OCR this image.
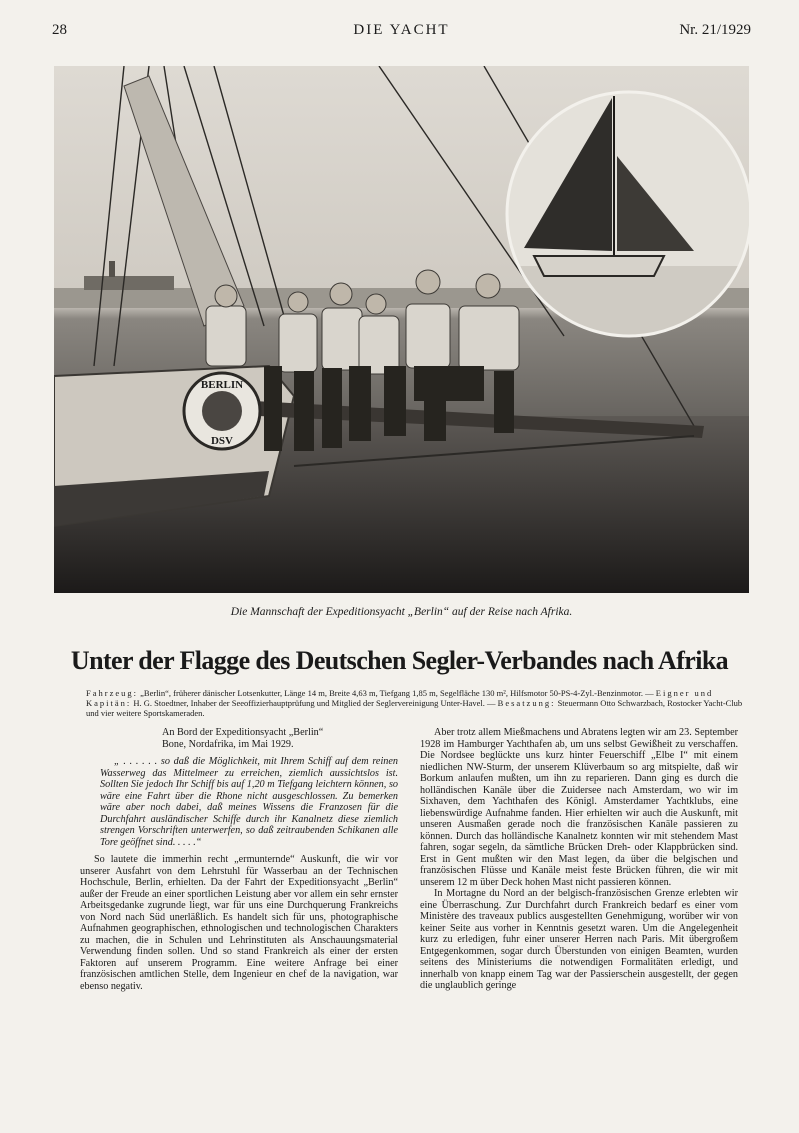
28	DIE YACHT	Nr. 21/1929
BERLIN
DSV
Die Mannschaft der Expeditionsyacht „Berlin“ auf der Reise nach Afrika.
Unter der Flagge des Deutschen Segler-Verbandes nach Afrika
Fahrzeug: „Berlin“, früherer dänischer Lotsenkutter, Länge 14 m, Breite 4,63 m, Tiefgang 1,85 m, Segelfläche 130 m², Hilfsmotor 50-PS-4-Zyl.-Benzinmotor. — Eigner und Kapitän: H. G. Stoedtner, Inhaber der Seeoffizierhauptprüfung und Mitglied der Seglervereinigung Unter-Havel. — Besatzung: Steuermann Otto Schwarzbach, Rostocker Yacht-Club und vier weitere Sportskameraden.

An Bord der Expeditionsyacht „Berlin“

Bone, Nordafrika, im Mai 1929.

„ . . . . . . so daß die Möglichkeit, mit Ihrem Schiff auf dem reinen Wasserweg das Mittelmeer zu erreichen, ziemlich aussichtslos ist. Sollten Sie jedoch Ihr Schiff bis auf 1,20 m Tiefgang leichtern können, so wäre eine Fahrt über die Rhone nicht ausgeschlossen. Zu bemerken wäre aber noch dabei, daß meines Wissens die Franzosen für die Durchfahrt ausländischer Schiffe durch ihr Kanalnetz diese ziemlich strengen Vorschriften unterwerfen, so daß zeitraubenden Schikanen alle Tore geöffnet sind. . . . .“

So lautete die immerhin recht „ermunternde“ Auskunft, die wir vor unserer Ausfahrt von dem Lehrstuhl für Wasserbau an der Technischen Hochschule, Berlin, erhielten. Da der Fahrt der Expeditionsyacht „Berlin“ außer der Freude an einer sportlichen Leistung aber vor allem ein sehr ernster Arbeitsgedanke zugrunde liegt, war für uns eine Durchquerung Frankreichs von Nord nach Süd unerläßlich. Es handelt sich für uns, photographische Aufnahmen geographischen, ethnologischen und technologischen Charakters zu machen, die in Schulen und Lehrinstituten als Anschauungsmaterial Verwendung finden sollen. Und so stand Frankreich als einer der ersten Faktoren auf unserem Programm. Eine weitere Anfrage bei einer französischen amtlichen Stelle, dem Ingenieur en chef de la navigation, war ebenso negativ.

Aber trotz allem Mießmachens und Abratens legten wir am 23. September 1928 im Hamburger Yachthafen ab, um uns selbst Gewißheit zu verschaffen. Die Nordsee beglückte uns kurz hinter Feuerschiff „Elbe I“ mit einem niedlichen NW-Sturm, der unserem Klüverbaum so arg mitspielte, daß wir Borkum anlaufen mußten, um ihn zu reparieren. Dann ging es durch die holländischen Kanäle über die Zuidersee nach Amsterdam, wo wir im Sixhaven, dem Yachthafen des Königl. Amsterdamer Yachtklubs, eine liebenswürdige Aufnahme fanden. Hier erhielten wir auch die Auskunft, mit unseren Ausmaßen gerade noch die französischen Kanäle passieren zu können. Durch das holländische Kanalnetz konnten wir mit stehendem Mast fahren, sogar segeln, da sämtliche Brücken Dreh- oder Klappbrücken sind. Erst in Gent mußten wir den Mast legen, da über die belgischen und französischen Flüsse und Kanäle meist feste Brücken führen, die wir mit unserem 12 m über Deck hohen Mast nicht passieren können.

In Mortagne du Nord an der belgisch-französischen Grenze erlebten wir eine Überraschung. Zur Durchfahrt durch Frankreich bedarf es einer vom Ministère des traveaux publics ausgestellten Genehmigung, worüber wir von keiner Seite aus vorher in Kenntnis gesetzt waren. Um die Angelegenheit kurz zu erledigen, fuhr einer unserer Herren nach Paris. Mit übergroßem Entgegenkommen, sogar durch Überstunden von einigen Beamten, wurden seitens des Ministeriums die notwendigen Formalitäten erledigt, und innerhalb von knapp einem Tag war der Passierschein ausgestellt, der gegen die unglaublich geringe
